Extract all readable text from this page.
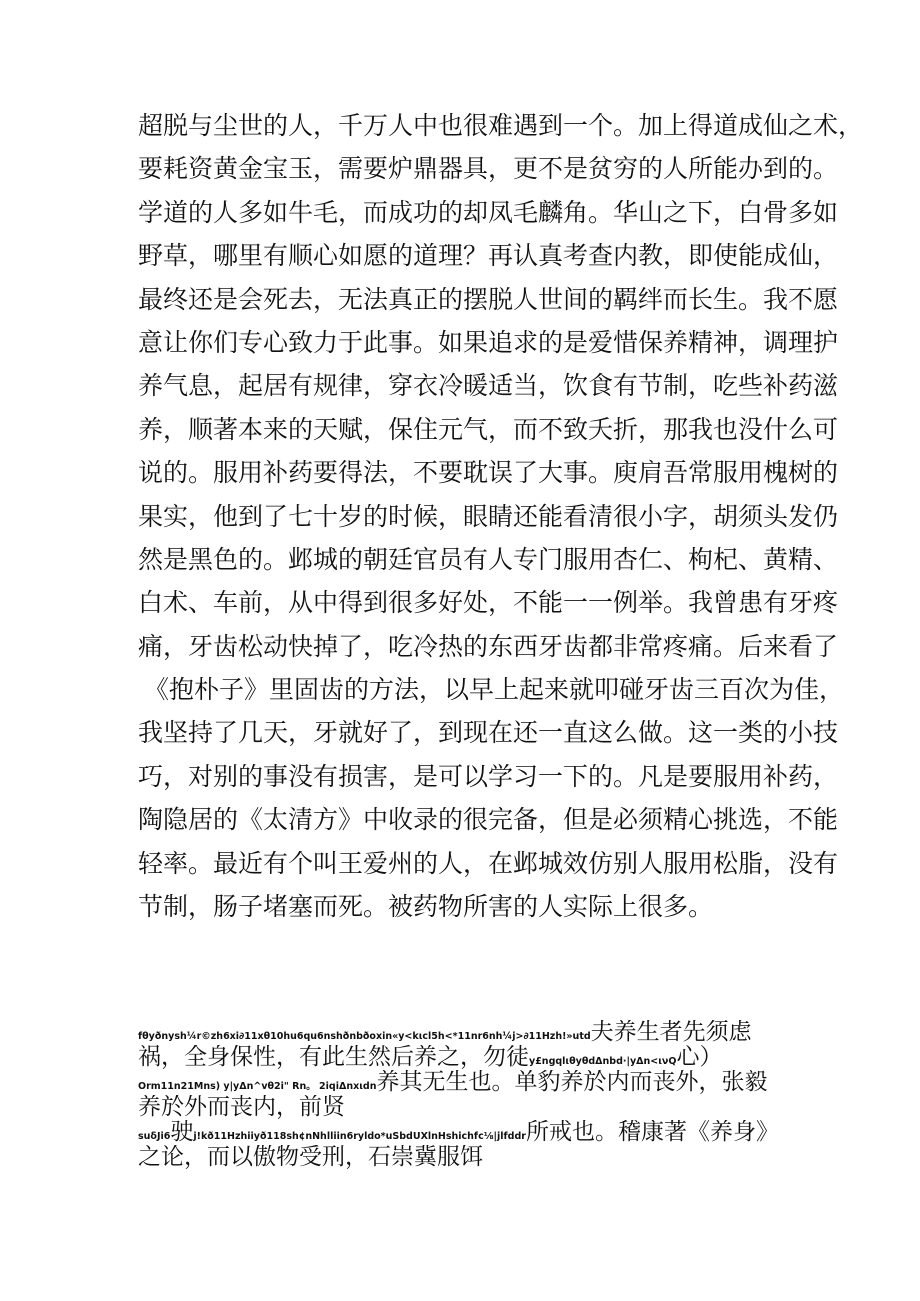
超脱与尘世的人，千万人中也很难遇到一个。加上得道成仙之术，
要耗资黄金宝玉，需要炉鼎器具，更不是贫穷的人所能办到的。
学道的人多如牛毛，而成功的却凤毛麟角。华山之下，白骨多如
野草，哪里有顺心如愿的道理？再认真考查内教，即使能成仙，
最终还是会死去，无法真正的摆脱人世间的羁绊而长生。我不愿
意让你们专心致力于此事。如果追求的是爱惜保养精神，调理护
养气息，起居有规律，穿衣冷暖适当，饮食有节制，吃些补药滋
养，顺著本来的天赋，保住元气，而不致夭折，那我也没什么可
说的。服用补药要得法，不要耽误了大事。庾肩吾常服用槐树的
果实，他到了七十岁的时候，眼睛还能看清很小字，胡须头发仍
然是黑色的。邺城的朝廷官员有人专门服用杏仁、枸杞、黄精、
白术、车前，从中得到很多好处，不能一一例举。我曾患有牙疼
痛，牙齿松动快掉了，吃冷热的东西牙齿都非常疼痛。后来看了
《抱朴子》里固齿的方法，以早上起来就叩碰牙齿三百次为佳，
我坚持了几天，牙就好了，到现在还一直这么做。这一类的小技
巧，对别的事没有损害，是可以学习一下的。凡是要服用补药，
陶隐居的《太清方》中收录的很完备，但是必须精心挑选，不能
轻率。最近有个叫王爱州的人，在邺城效仿别人服用松脂，没有
节制，肠子堵塞而死。被药物所害的人实际上很多。
fθyðnysh¼r©zh6xi∂11xθ10hu6qu6nshðnbðoxin«y<kιcl5h<*11nr6nh¼j>∂11Hzh!»utd夫养生者先须虑
祸，全身保性，有此生然后养之，勿徒y£ngqlιθyθdΔnbd·|yΔn<ινQ心）
Orm11n21Mns) y|yΔn^vθ2i" Rn。 2iqiΔnxιdn养其无生也。单豹养於内而丧外，张毅
养於外而丧内，前贤
suδJi6驶j!kð11Hzhiiyð118sh¢nNhlliin6ryldo*uSbdUXlnHshichfc⅛|jlfddr所戒也。稽康著《养身》
之论，而以傲物受刑，石崇冀服饵
